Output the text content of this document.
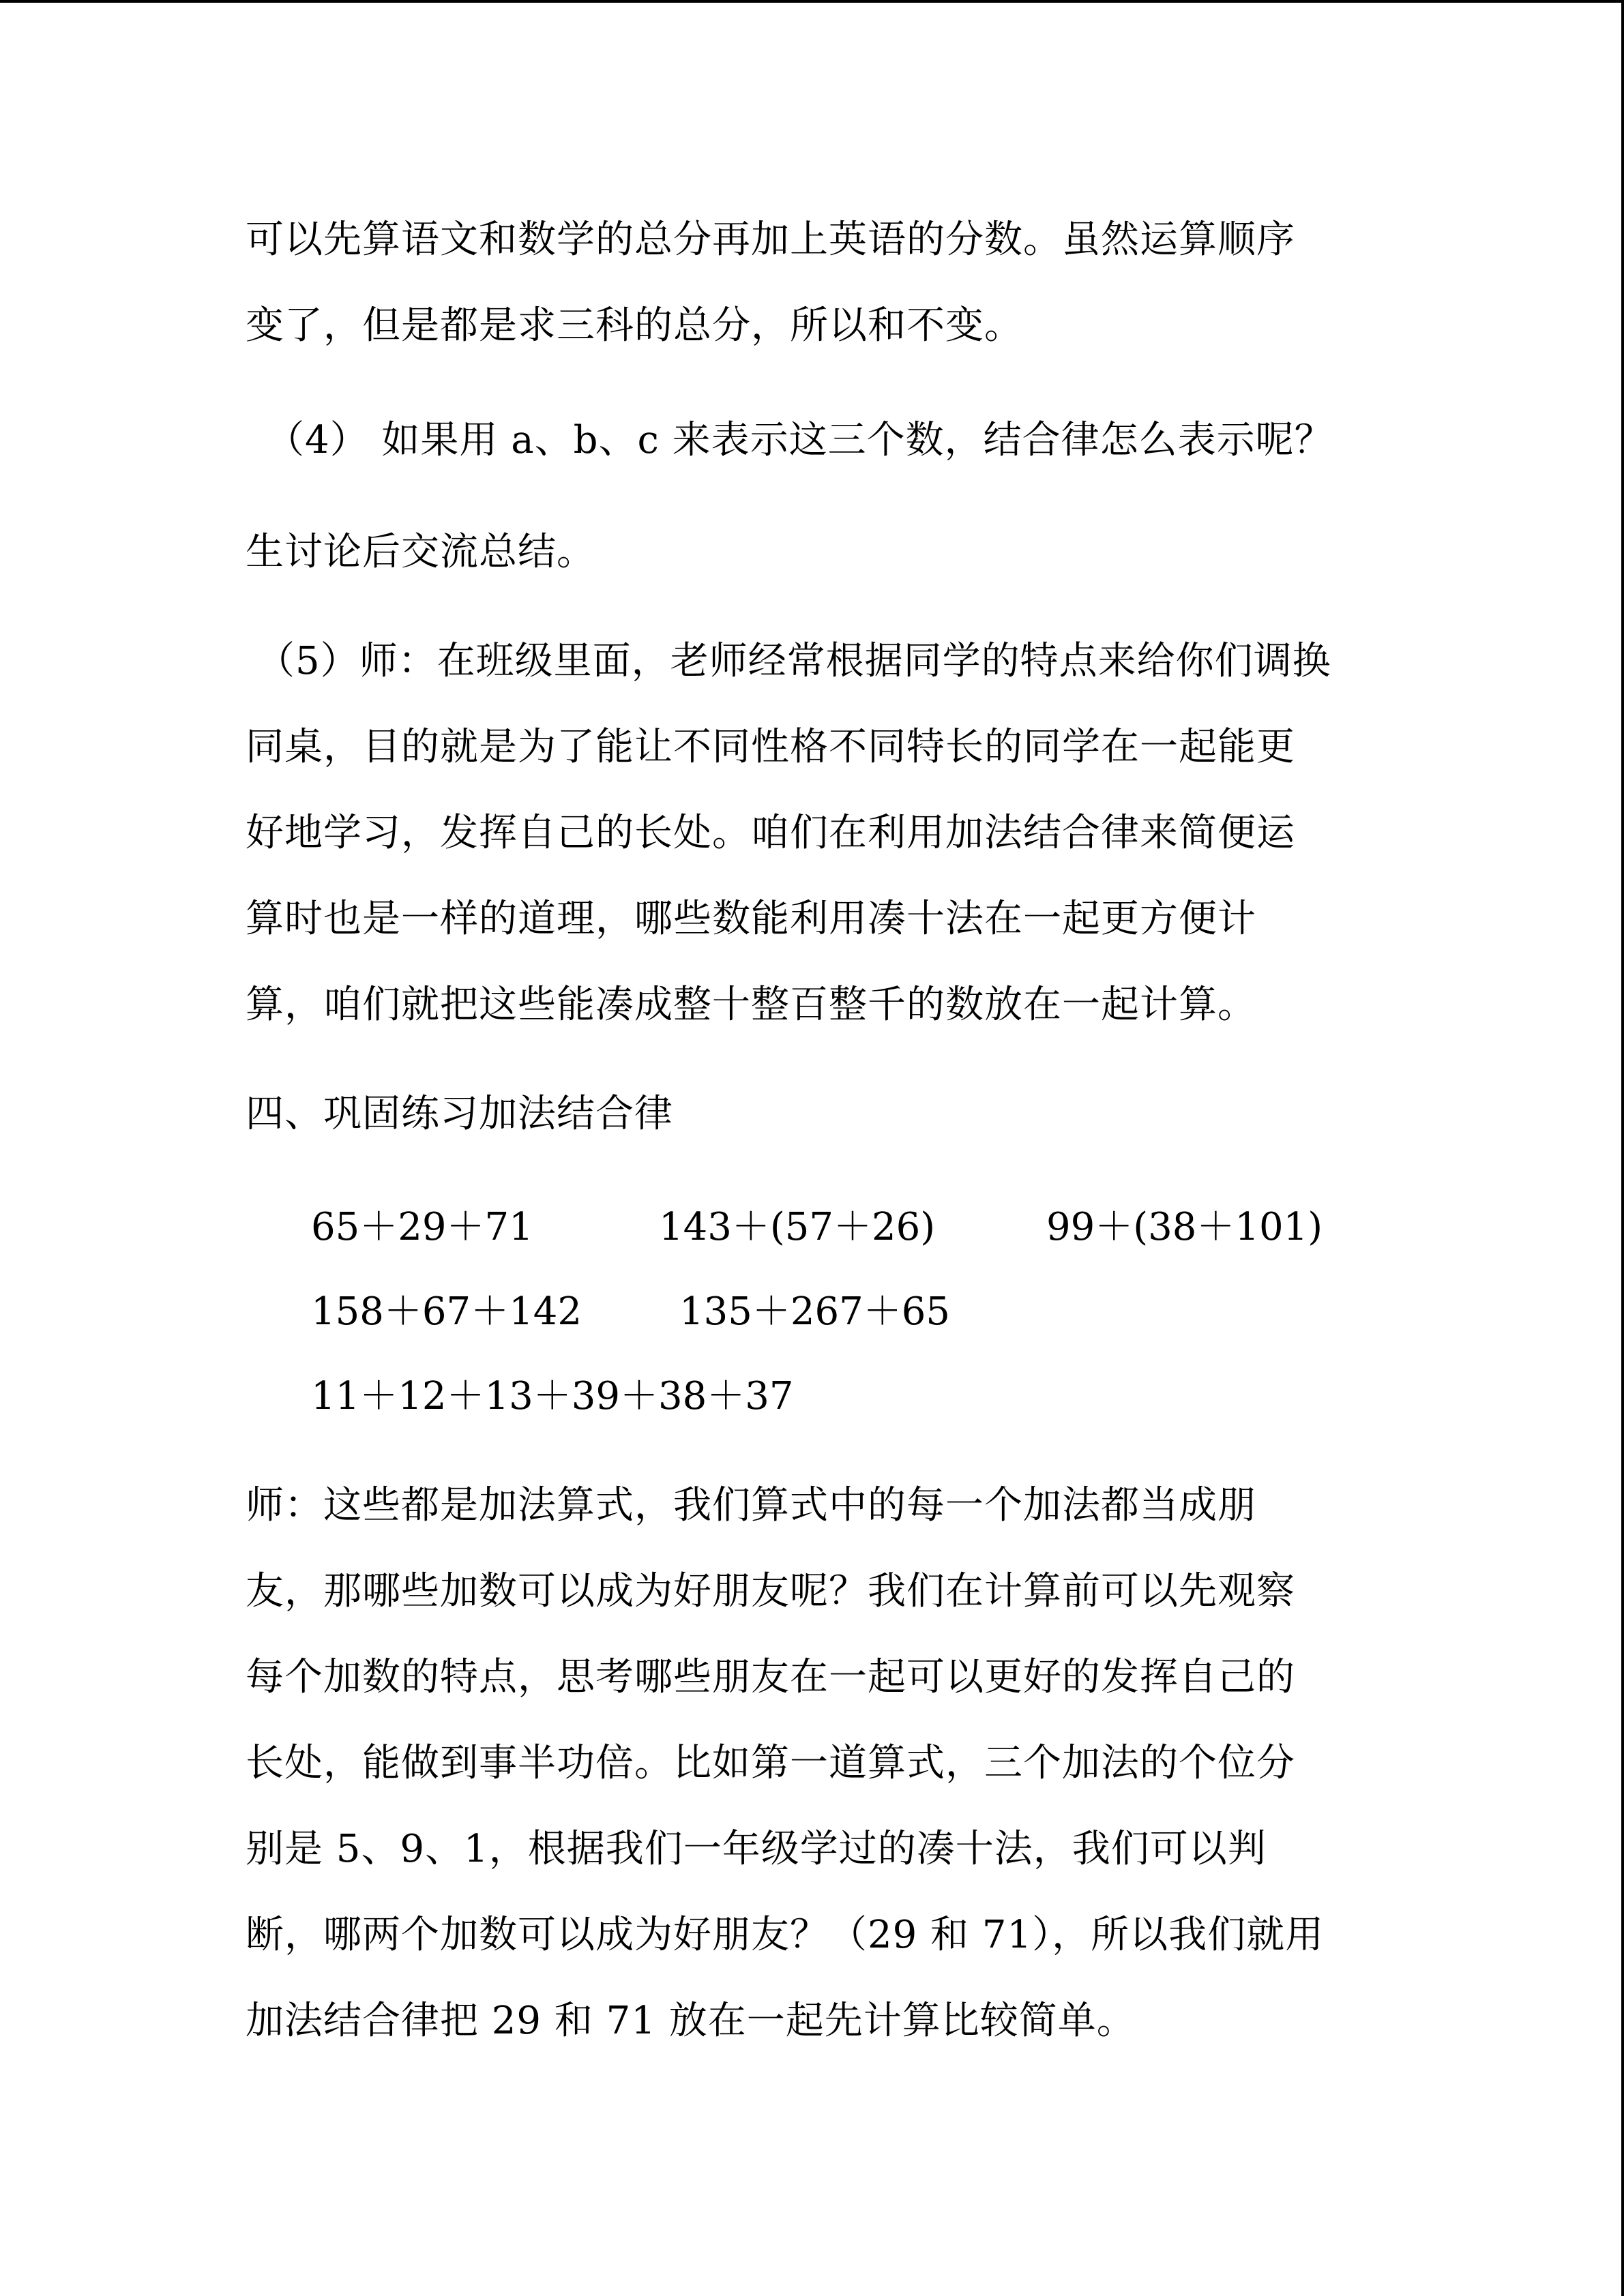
可以先算语文和数学的总分再加上英语的分数。虽然运算顺序
变了，但是都是求三科的总分，所以和不变。
（4） 如果用 a、b、c 来表示这三个数，结合律怎么表示呢？
生讨论后交流总结。
（5）师：在班级里面，老师经常根据同学的特点来给你们调换
同桌，目的就是为了能让不同性格不同特长的同学在一起能更
好地学习，发挥自己的长处。咱们在利用加法结合律来简便运
算时也是一样的道理，哪些数能利用凑十法在一起更方便计
算，咱们就把这些能凑成整十整百整千的数放在一起计算。
四、巩固练习加法结合律
65＋29＋71	143＋(57＋26)	99＋(38＋101)
158＋67＋142	135＋267＋65
11＋12＋13＋39＋38＋37
师：这些都是加法算式，我们算式中的每一个加法都当成朋
友，那哪些加数可以成为好朋友呢？我们在计算前可以先观察
每个加数的特点，思考哪些朋友在一起可以更好的发挥自己的
长处，能做到事半功倍。比如第一道算式，三个加法的个位分
别是 5、9、1，根据我们一年级学过的凑十法，我们可以判
断，哪两个加数可以成为好朋友？（29 和 71），所以我们就用
加法结合律把 29 和 71 放在一起先计算比较简单。
